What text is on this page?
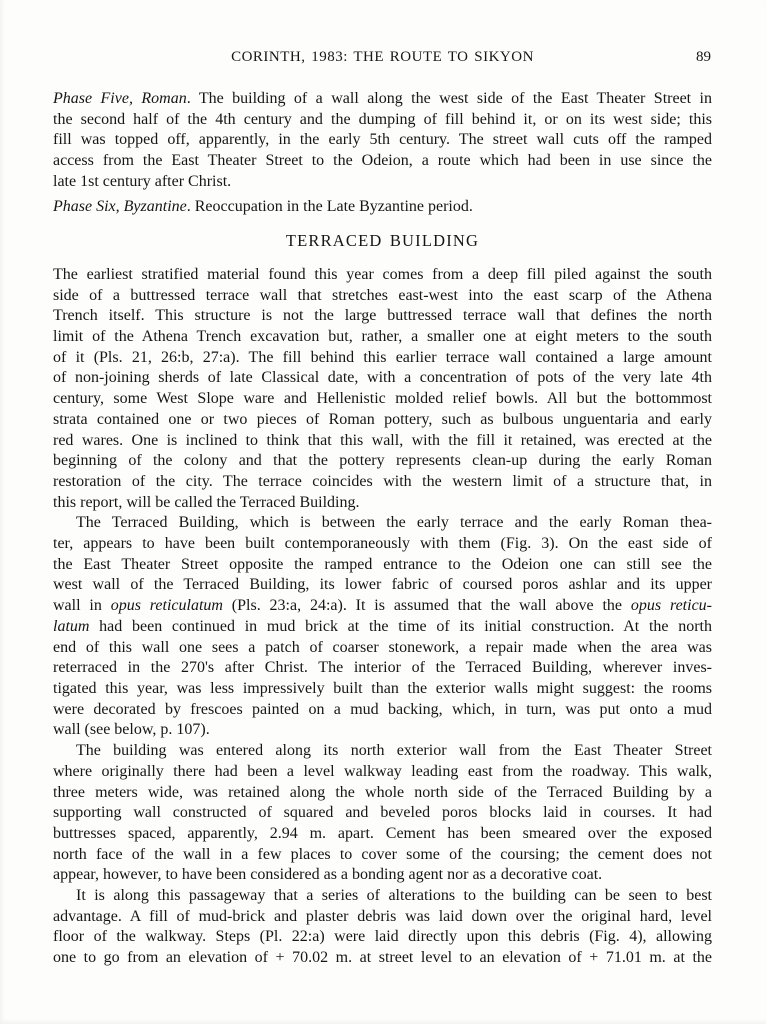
CORINTH, 1983: THE ROUTE TO SIKYON	89
Phase Five, Roman. The building of a wall along the west side of the East Theater Street in
the second half of the 4th century and the dumping of fill behind it, or on its west side; this
fill was topped off, apparently, in the early 5th century. The street wall cuts off the ramped
access from the East Theater Street to the Odeion, a route which had been in use since the
late 1st century after Christ.
Phase Six, Byzantine. Reoccupation in the Late Byzantine period.
TERRACED BUILDING
The earliest stratified material found this year comes from a deep fill piled against the south
side of a buttressed terrace wall that stretches east-west into the east scarp of the Athena
Trench itself. This structure is not the large buttressed terrace wall that defines the north
limit of the Athena Trench excavation but, rather, a smaller one at eight meters to the south
of it (Pls. 21, 26:b, 27:a). The fill behind this earlier terrace wall contained a large amount
of non-joining sherds of late Classical date, with a concentration of pots of the very late 4th
century, some West Slope ware and Hellenistic molded relief bowls. All but the bottommost
strata contained one or two pieces of Roman pottery, such as bulbous unguentaria and early
red wares. One is inclined to think that this wall, with the fill it retained, was erected at the
beginning of the colony and that the pottery represents clean-up during the early Roman
restoration of the city. The terrace coincides with the western limit of a structure that, in
this report, will be called the Terraced Building.
The Terraced Building, which is between the early terrace and the early Roman thea-
ter, appears to have been built contemporaneously with them (Fig. 3). On the east side of
the East Theater Street opposite the ramped entrance to the Odeion one can still see the
west wall of the Terraced Building, its lower fabric of coursed poros ashlar and its upper
wall in opus reticulatum (Pls. 23:a, 24:a). It is assumed that the wall above the opus reticu-
latum had been continued in mud brick at the time of its initial construction. At the north
end of this wall one sees a patch of coarser stonework, a repair made when the area was
reterraced in the 270's after Christ. The interior of the Terraced Building, wherever inves-
tigated this year, was less impressively built than the exterior walls might suggest: the rooms
were decorated by frescoes painted on a mud backing, which, in turn, was put onto a mud
wall (see below, p. 107).
The building was entered along its north exterior wall from the East Theater Street
where originally there had been a level walkway leading east from the roadway. This walk,
three meters wide, was retained along the whole north side of the Terraced Building by a
supporting wall constructed of squared and beveled poros blocks laid in courses. It had
buttresses spaced, apparently, 2.94 m. apart. Cement has been smeared over the exposed
north face of the wall in a few places to cover some of the coursing; the cement does not
appear, however, to have been considered as a bonding agent nor as a decorative coat.
It is along this passageway that a series of alterations to the building can be seen to best
advantage. A fill of mud-brick and plaster debris was laid down over the original hard, level
floor of the walkway. Steps (Pl. 22:a) were laid directly upon this debris (Fig. 4), allowing
one to go from an elevation of + 70.02 m. at street level to an elevation of + 71.01 m. at the
